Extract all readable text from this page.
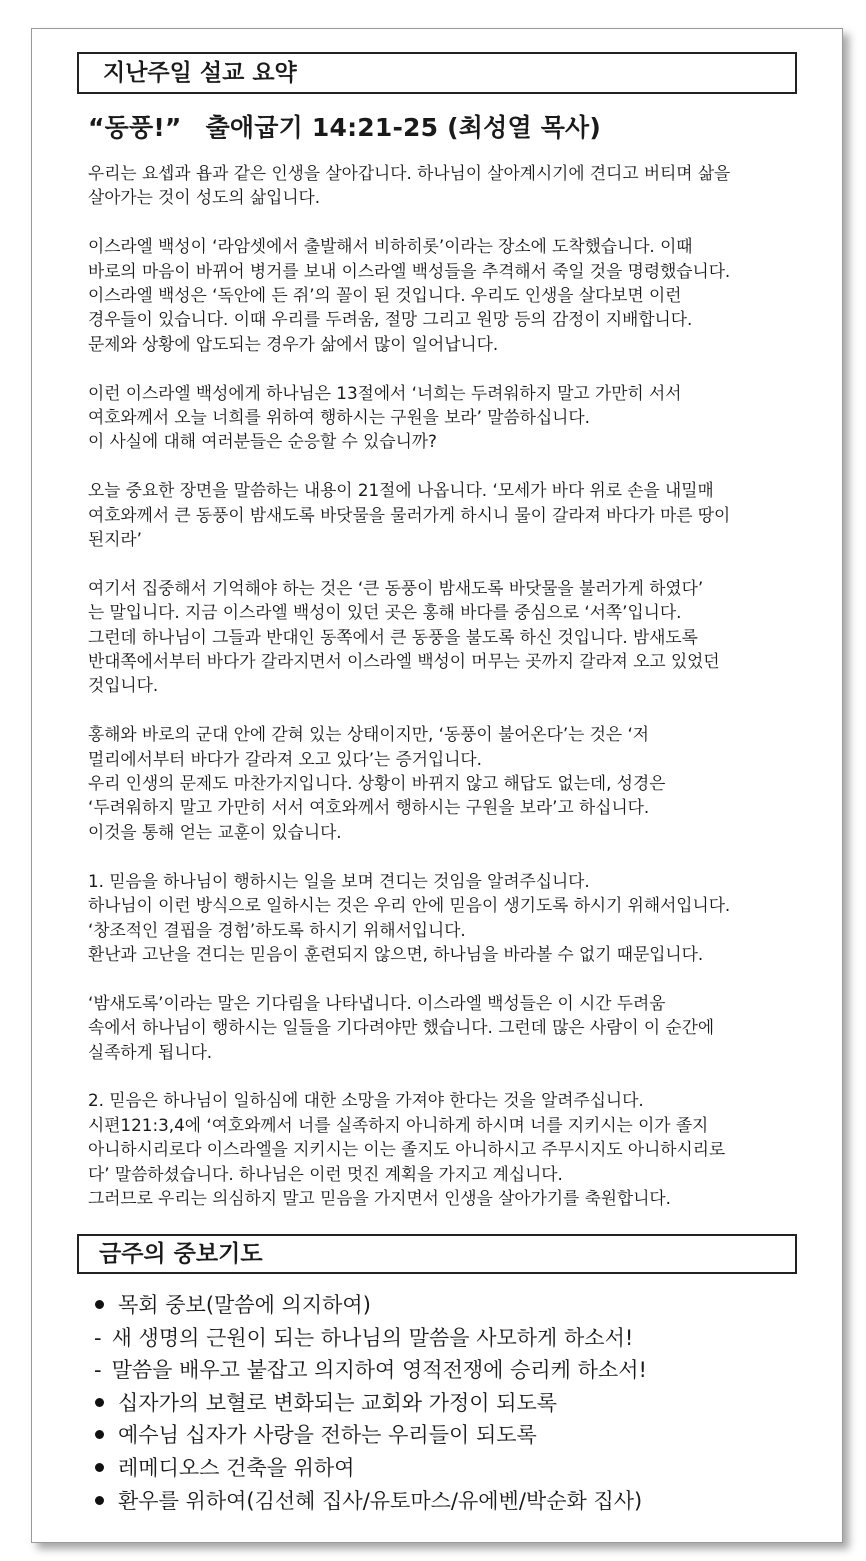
지난주일 설교 요약
“동풍!” 출애굽기 14:21-25 (최성열 목사)
우리는 요셉과 욥과 같은 인생을 살아갑니다. 하나님이 살아계시기에 견디고 버티며 삶을
살아가는 것이 성도의 삶입니다.
이스라엘 백성이 ‘라암셋에서 출발해서 비하히롯’이라는 장소에 도착했습니다. 이때
바로의 마음이 바뀌어 병거를 보내 이스라엘 백성들을 추격해서 죽일 것을 명령했습니다.
이스라엘 백성은 ‘독안에 든 쥐’의 꼴이 된 것입니다. 우리도 인생을 살다보면 이런
경우들이 있습니다. 이때 우리를 두려움, 절망 그리고 원망 등의 감정이 지배합니다.
문제와 상황에 압도되는 경우가 삶에서 많이 일어납니다.
이런 이스라엘 백성에게 하나님은 13절에서 ‘너희는 두려워하지 말고 가만히 서서
여호와께서 오늘 너희를 위하여 행하시는 구원을 보라’ 말씀하십니다.
이 사실에 대해 여러분들은 순응할 수 있습니까?
오늘 중요한 장면을 말씀하는 내용이 21절에 나옵니다. ‘모세가 바다 위로 손을 내밀매
여호와께서 큰 동풍이 밤새도록 바닷물을 물러가게 하시니 물이 갈라져 바다가 마른 땅이
된지라’
여기서 집중해서 기억해야 하는 것은 ‘큰 동풍이 밤새도록 바닷물을 불러가게 하였다’
는 말입니다. 지금 이스라엘 백성이 있던 곳은 홍해 바다를 중심으로 ‘서쪽’입니다.
그런데 하나님이 그들과 반대인 동쪽에서 큰 동풍을 불도록 하신 것입니다. 밤새도록
반대쪽에서부터 바다가 갈라지면서 이스라엘 백성이 머무는 곳까지 갈라져 오고 있었던
것입니다.
홍해와 바로의 군대 안에 갇혀 있는 상태이지만, ‘동풍이 불어온다’는 것은 ‘저
멀리에서부터 바다가 갈라져 오고 있다’는 증거입니다.
우리 인생의 문제도 마찬가지입니다. 상황이 바뀌지 않고 해답도 없는데, 성경은
‘두려워하지 말고 가만히 서서 여호와께서 행하시는 구원을 보라’고 하십니다.
이것을 통해 얻는 교훈이 있습니다.
1. 믿음을 하나님이 행하시는 일을 보며 견디는 것임을 알려주십니다.
하나님이 이런 방식으로 일하시는 것은 우리 안에 믿음이 생기도록 하시기 위해서입니다.
‘창조적인 결핍을 경험’하도록 하시기 위해서입니다.
환난과 고난을 견디는 믿음이 훈련되지 않으면, 하나님을 바라볼 수 없기 때문입니다.
‘밤새도록’이라는 말은 기다림을 나타냅니다. 이스라엘 백성들은 이 시간 두려움
속에서 하나님이 행하시는 일들을 기다려야만 했습니다. 그런데 많은 사람이 이 순간에
실족하게 됩니다.
2. 믿음은 하나님이 일하심에 대한 소망을 가져야 한다는 것을 알려주십니다.
시편121:3,4에 ‘여호와께서 너를 실족하지 아니하게 하시며 너를 지키시는 이가 졸지
아니하시리로다 이스라엘을 지키시는 이는 졸지도 아니하시고 주무시지도 아니하시리로
다’ 말씀하셨습니다. 하나님은 이런 멋진 계획을 가지고 계십니다.
그러므로 우리는 의심하지 말고 믿음을 가지면서 인생을 살아가기를 축원합니다.
금주의 중보기도
목회 중보(말씀에 의지하여)
- 새 생명의 근원이 되는 하나님의 말씀을 사모하게 하소서!
- 말씀을 배우고 붙잡고 의지하여 영적전쟁에 승리케 하소서!
십자가의 보혈로 변화되는 교회와 가정이 되도록
예수님 십자가 사랑을 전하는 우리들이 되도록
레메디오스 건축을 위하여
환우를 위하여(김선혜 집사/유토마스/유에벤/박순화 집사)
